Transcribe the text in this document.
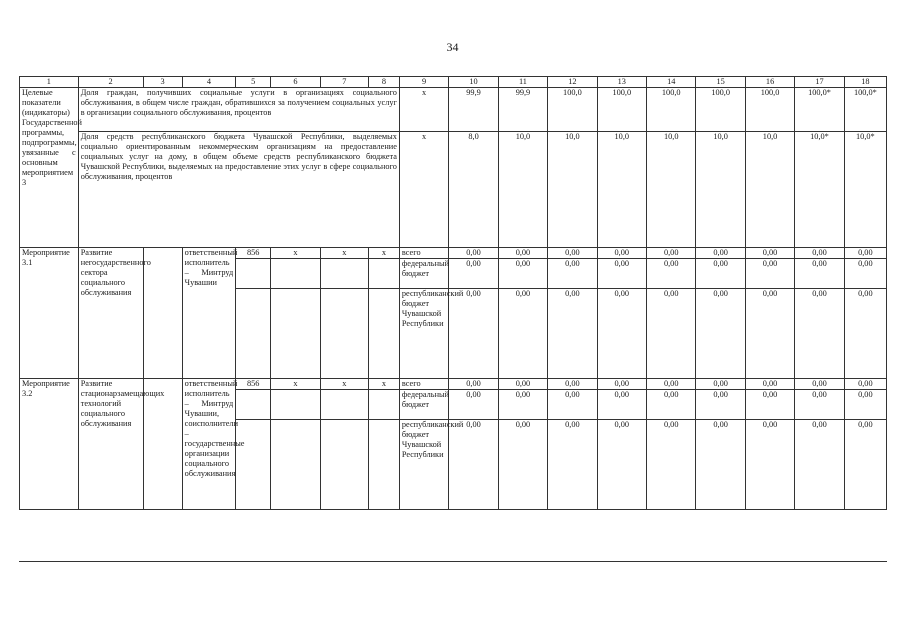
34
1	2	3	4	5	6	7	8	9	10	11	12	13	14	15	16	17	18
Целевые показатели (индикаторы) Государственной программы, подпрограммы, увязанные с основным мероприятием 3	Доля граждан, получивших социальные услуги в организациях социального обслуживания, в общем числе граждан, обратившихся за получением социальных услуг в организации социального обслуживания, процентов							x	99,9	99,9	100,0	100,0	100,0	100,0	100,0	100,0*	100,0*
	Доля средств республиканского бюджета Чувашской Республики, выделяемых социально ориентированным некоммерческим организациям на предоставление социальных услуг на дому, в общем объеме средств республиканского бюджета Чувашской Республики, выделяемых на предоставление этих услуг в сфере социального обслуживания, процентов							x	8,0	10,0	10,0	10,0	10,0	10,0	10,0	10,0*	10,0*
Мероприятие 3.1	Развитие негосударственного сектора социального обслуживания		ответственный исполнитель – Минтруд Чувашии	856	x	x	x	всего	0,00	0,00	0,00	0,00	0,00	0,00	0,00	0,00	0,00
								федеральный бюджет	0,00	0,00	0,00	0,00	0,00	0,00	0,00	0,00	0,00
								республиканский бюджет Чувашской Республики	0,00	0,00	0,00	0,00	0,00	0,00	0,00	0,00	0,00
Мероприятие 3.2	Развитие стационарзамещающих технологий социального обслуживания		ответственный исполнитель – Минтруд Чувашии, соисполнители – государственные организации социального обслуживания	856	x	x	x	всего	0,00	0,00	0,00	0,00	0,00	0,00	0,00	0,00	0,00
								федеральный бюджет	0,00	0,00	0,00	0,00	0,00	0,00	0,00	0,00	0,00
								республиканский бюджет Чувашской Республики	0,00	0,00	0,00	0,00	0,00	0,00	0,00	0,00	0,00
